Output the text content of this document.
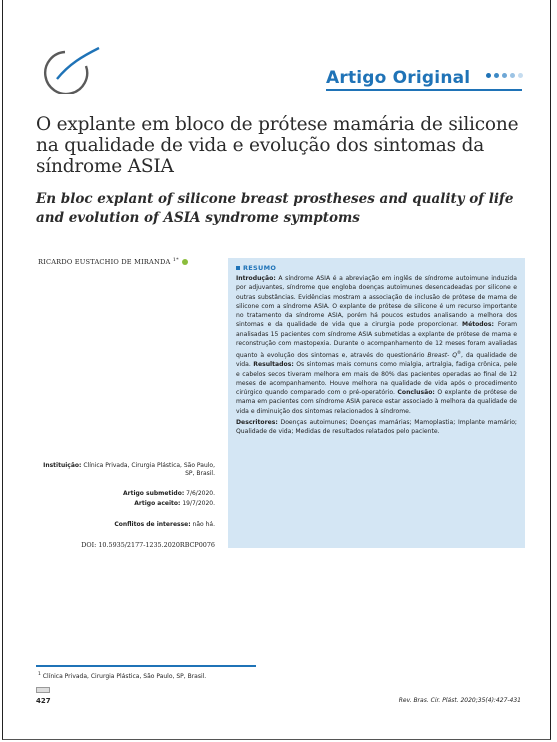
Artigo Original
O explante em bloco de prótese mamária de silicone na qualidade de vida e evolução dos sintomas da síndrome ASIA
En bloc explant of silicone breast prostheses and quality of life and evolution of ASIA syndrome symptoms
RICARDO EUSTACHIO DE MIRANDA $^{1*}$
Instituição: Clínica Privada, Cirurgia Plástica, São Paulo, SP, Brasil.
Artigo submetido: 7/6/2020.
Artigo aceito: 19/7/2020.
Conflitos de interesse: não há.
DOI: 10.5935/2177-1235.2020RBCP0076
RESUMO
Introdução: A síndrome ASIA é a abreviação em inglês de síndrome autoimune induzida por adjuvantes, síndrome que engloba doenças autoimunes desencadeadas por silicone e outras substâncias. Evidências mostram a associação de inclusão de prótese de mama de silicone com a síndrome ASIA. O explante de prótese de silicone é um recurso importante no tratamento da síndrome ASIA, porém há poucos estudos analisando a melhora dos sintomas e da qualidade de vida que a cirurgia pode proporcionar. Métodos: Foram analisadas 15 pacientes com síndrome ASIA submetidas a explante de prótese de mama e reconstrução com mastopexia. Durante o acompanhamento de 12 meses foram avaliadas quanto à evolução dos sintomas e, através do questionário Breast- Q®, da qualidade de vida. Resultados: Os sintomas mais comuns como mialgia, artralgia, fadiga crônica, pele e cabelos secos tiveram melhora em mais de 80% das pacientes operadas ao final de 12 meses de acompanhamento. Houve melhora na qualidade de vida após o procedimento cirúrgico quando comparado com o pré-operatório. Conclusão: O explante de prótese de mama em pacientes com síndrome ASIA parece estar associado à melhora da qualidade de vida e diminuição dos sintomas relacionados à síndrome.
Descritores: Doenças autoimunes; Doenças mamárias; Mamoplastia; Implante mamário; Qualidade de vida; Medidas de resultados relatados pelo paciente.
$^1$ Clínica Privada, Cirurgia Plástica, São Paulo, SP, Brasil.
427	Rev. Bras. Cir. Plást. 2020;35(4):427-431
